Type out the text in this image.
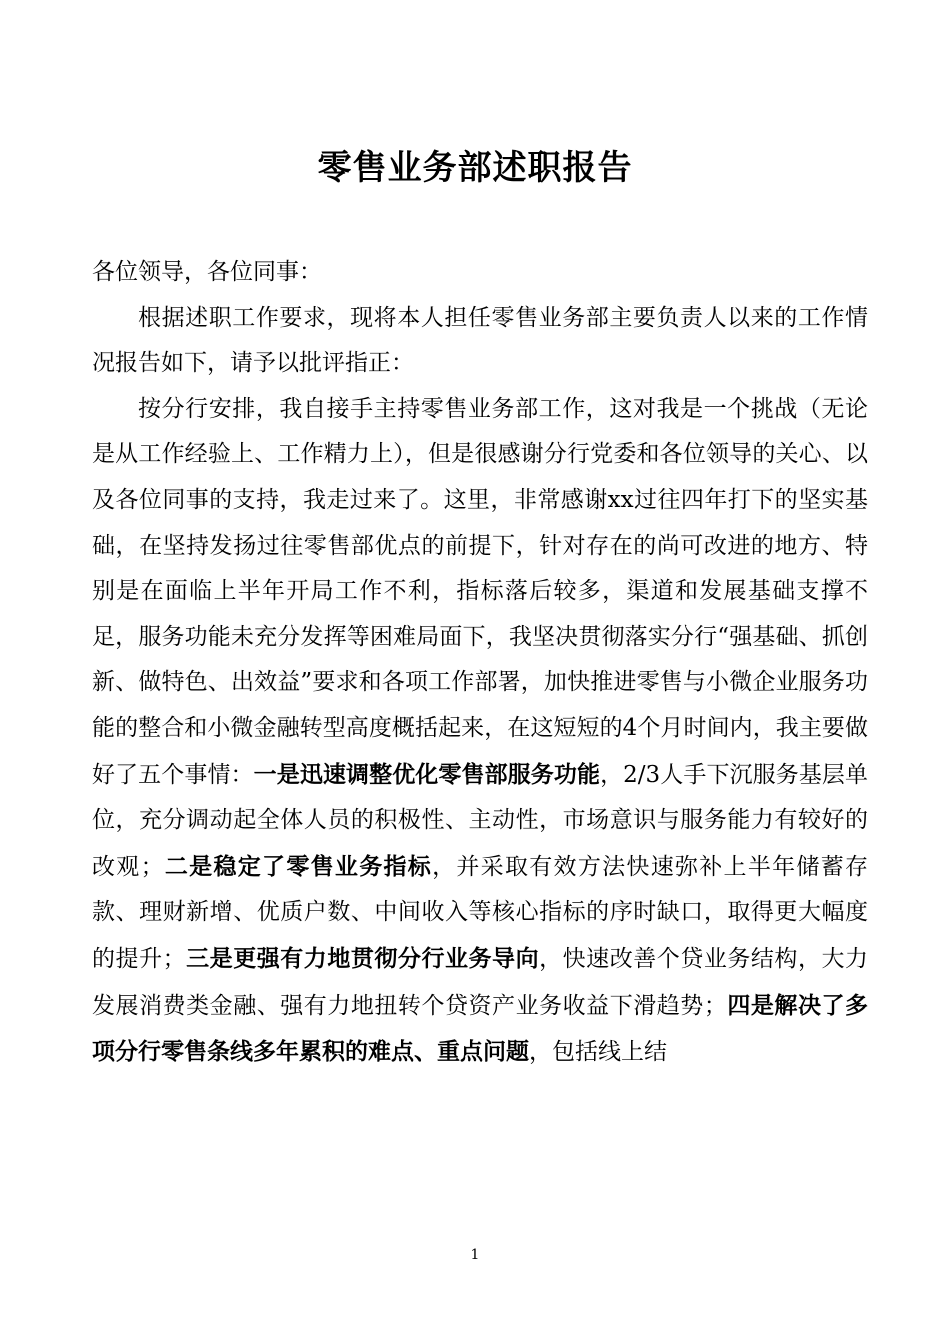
零售业务部述职报告

各位领导，各位同事：

根据述职工作要求，现将本人担任零售业务部主要负责人以来的工作情况报告如下，请予以批评指正：

按分行安排，我自接手主持零售业务部工作，这对我是一个挑战（无论是从工作经验上、工作精力上），但是很感谢分行党委和各位领导的关心、以及各位同事的支持，我走过来了。这里，非常感谢xx过往四年打下的坚实基础，在坚持发扬过往零售部优点的前提下，针对存在的尚可改进的地方、特别是在面临上半年开局工作不利，指标落后较多，渠道和发展基础支撑不足，服务功能未充分发挥等困难局面下，我坚决贯彻落实分行“强基础、抓创新、做特色、出效益”要求和各项工作部署，加快推进零售与小微企业服务功能的整合和小微金融转型高度概括起来，在这短短的4个月时间内，我主要做好了五个事情：一是迅速调整优化零售部服务功能，2/3人手下沉服务基层单位，充分调动起全体人员的积极性、主动性，市场意识与服务能力有较好的改观；二是稳定了零售业务指标，并采取有效方法快速弥补上半年储蓄存款、理财新增、优质户数、中间收入等核心指标的序时缺口，取得更大幅度的提升；三是更强有力地贯彻分行业务导向，快速改善个贷业务结构，大力发展消费类金融、强有力地扭转个贷资产业务收益下滑趋势；四是解决了多项分行零售条线多年累积的难点、重点问题，包括线上结

1
